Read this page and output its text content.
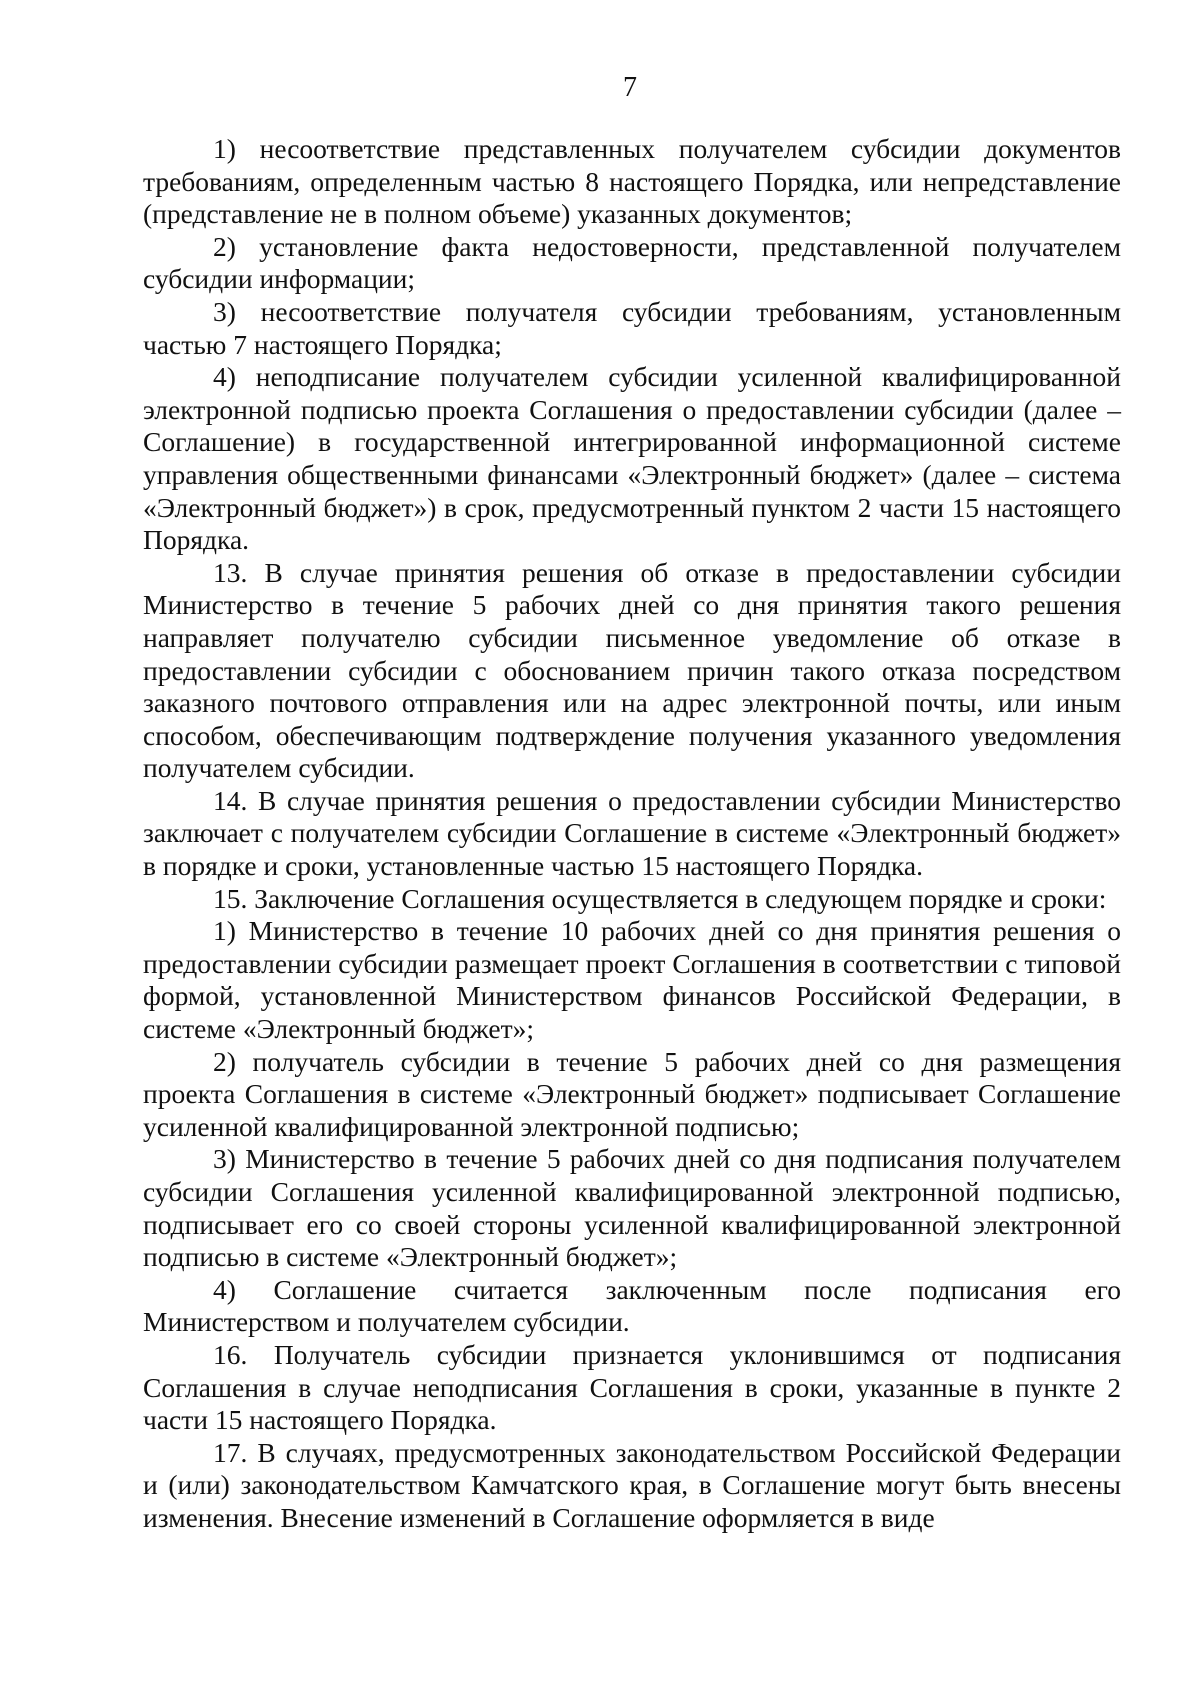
7

1) несоответствие представленных получателем субсидии документов требованиям, определенным частью 8 настоящего Порядка, или непредставление (представление не в полном объеме) указанных документов;

2) установление факта недостоверности, представленной получателем субсидии информации;

3) несоответствие получателя субсидии требованиям, установленным частью 7 настоящего Порядка;

4) неподписание получателем субсидии усиленной квалифицированной электронной подписью проекта Соглашения о предоставлении субсидии (далее – Соглашение) в государственной интегрированной информационной системе управления общественными финансами «Электронный бюджет» (далее – система «Электронный бюджет») в срок, предусмотренный пунктом 2 части 15 настоящего Порядка.

13. В случае принятия решения об отказе в предоставлении субсидии Министерство в течение 5 рабочих дней со дня принятия такого решения направляет получателю субсидии письменное уведомление об отказе в предоставлении субсидии с обоснованием причин такого отказа посредством заказного почтового отправления или на адрес электронной почты, или иным способом, обеспечивающим подтверждение получения указанного уведомления получателем субсидии.

14. В случае принятия решения о предоставлении субсидии Министерство заключает с получателем субсидии Соглашение в системе «Электронный бюджет» в порядке и сроки, установленные частью 15 настоящего Порядка.

15. Заключение Соглашения осуществляется в следующем порядке и сроки:

1) Министерство в течение 10 рабочих дней со дня принятия решения о предоставлении субсидии размещает проект Соглашения в соответствии с типовой формой, установленной Министерством финансов Российской Федерации, в системе «Электронный бюджет»;

2) получатель субсидии в течение 5 рабочих дней со дня размещения проекта Соглашения в системе «Электронный бюджет» подписывает Соглашение усиленной квалифицированной электронной подписью;

3) Министерство в течение 5 рабочих дней со дня подписания получателем субсидии Соглашения усиленной квалифицированной электронной подписью, подписывает его со своей стороны усиленной квалифицированной электронной подписью в системе «Электронный бюджет»;

4) Соглашение считается заключенным после подписания его Министерством и получателем субсидии.

16. Получатель субсидии признается уклонившимся от подписания Соглашения в случае неподписания Соглашения в сроки, указанные в пункте 2 части 15 настоящего Порядка.

17. В случаях, предусмотренных законодательством Российской Федерации и (или) законодательством Камчатского края, в Соглашение могут быть внесены изменения. Внесение изменений в Соглашение оформляется в виде
